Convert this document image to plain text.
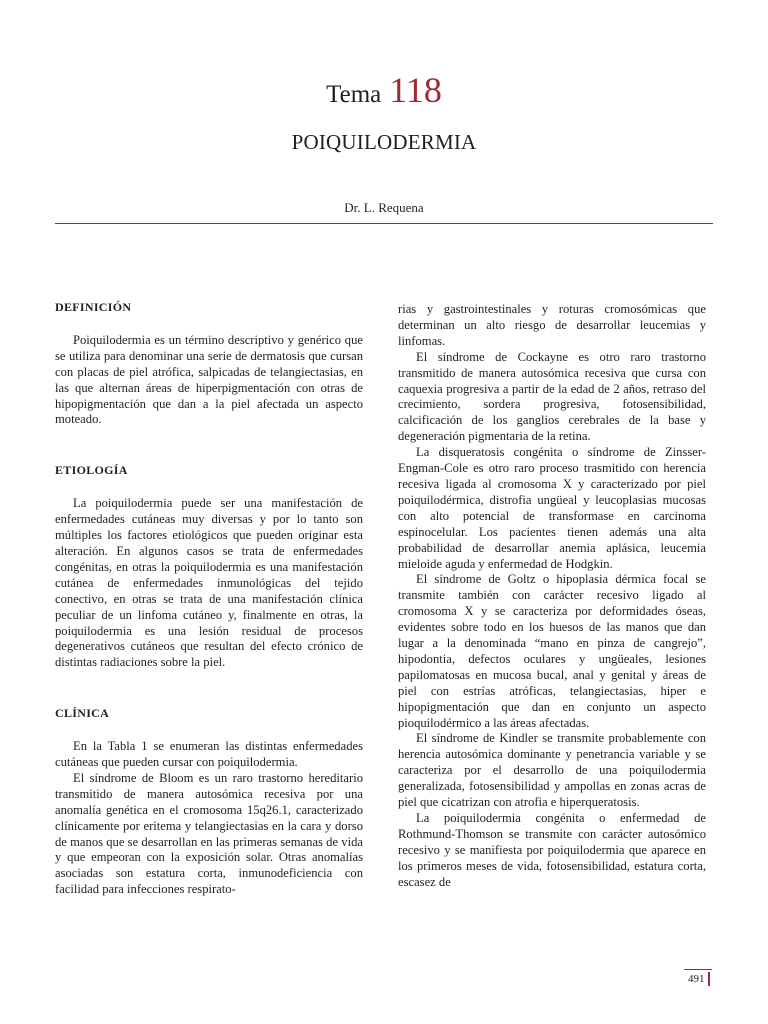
Tema 118
POIQUILODERMIA
Dr. L. Requena
DEFINICIÓN

Poiquilodermia es un término descriptivo y genérico que se utiliza para denominar una serie de dermatosis que cursan con placas de piel atrófica, salpicadas de telangiectasias, en las que alternan áreas de hiperpigmentación con otras de hipopigmentación que dan a la piel afectada un aspecto moteado.

ETIOLOGÍA

La poiquilodermia puede ser una manifestación de enfermedades cutáneas muy diversas y por lo tanto son múltiples los factores etiológicos que pueden originar esta alteración. En algunos casos se trata de enfermedades congénitas, en otras la poiquilodermia es una manifestación cutánea de enfermedades inmunológicas del tejido conectivo, en otras se trata de una manifestación clínica peculiar de un linfoma cutáneo y, finalmente en otras, la poiquilodermia es una lesión residual de procesos degenerativos cutáneos que resultan del efecto crónico de distintas radiaciones sobre la piel.

CLÍNICA

En la Tabla 1 se enumeran las distintas enfermedades cutáneas que pueden cursar con poiquilodermia.

El síndrome de Bloom es un raro trastorno hereditario transmitido de manera autosómica recesiva por una anomalía genética en el cromosoma 15q26.1, caracterizado clínicamente por eritema y telangiectasias en la cara y dorso de manos que se desarrollan en las primeras semanas de vida y que empeoran con la exposición solar. Otras anomalías asociadas son estatura corta, inmunodeficiencia con facilidad para infecciones respirato-

rias y gastrointestinales y roturas cromosómicas que determinan un alto riesgo de desarrollar leucemias y linfomas.

El síndrome de Cockayne es otro raro trastorno transmitido de manera autosómica recesiva que cursa con caquexia progresiva a partir de la edad de 2 años, retraso del crecimiento, sordera progresiva, fotosensibilidad, calcificación de los ganglios cerebrales de la base y degeneración pigmentaria de la retina.

La disqueratosis congénita o síndrome de Zinsser-Engman-Cole es otro raro proceso trasmitido con herencia recesiva ligada al cromosoma X y caracterizado por piel poiquilodérmica, distrofia ungüeal y leucoplasias mucosas con alto potencial de transformase en carcinoma espinocelular. Los pacientes tienen además una alta probabilidad de desarrollar anemia aplásica, leucemia mieloide aguda y enfermedad de Hodgkin.

El síndrome de Goltz o hipoplasia dérmica focal se transmite también con carácter recesivo ligado al cromosoma X y se caracteriza por deformidades óseas, evidentes sobre todo en los huesos de las manos que dan lugar a la denominada “mano en pinza de cangrejo”, hipodontia, defectos oculares y ungüeales, lesiones papilomatosas en mucosa bucal, anal y genital y áreas de piel con estrías atróficas, telangiectasias, hiper e hipopigmentación que dan en conjunto un aspecto pioquilodérmico a las áreas afectadas.

El síndrome de Kindler se transmite probablemente con herencia autosómica dominante y penetrancia variable y se caracteriza por el desarrollo de una poiquilodermia generalizada, fotosensibilidad y ampollas en zonas acras de piel que cicatrizan con atrofia e hiperqueratosis.

La poiquilodermia congénita o enfermedad de Rothmund-Thomson se transmite con carácter autosómico recesivo y se manifiesta por poiquilodermia que aparece en los primeros meses de vida, fotosensibilidad, estatura corta, escasez de

491
